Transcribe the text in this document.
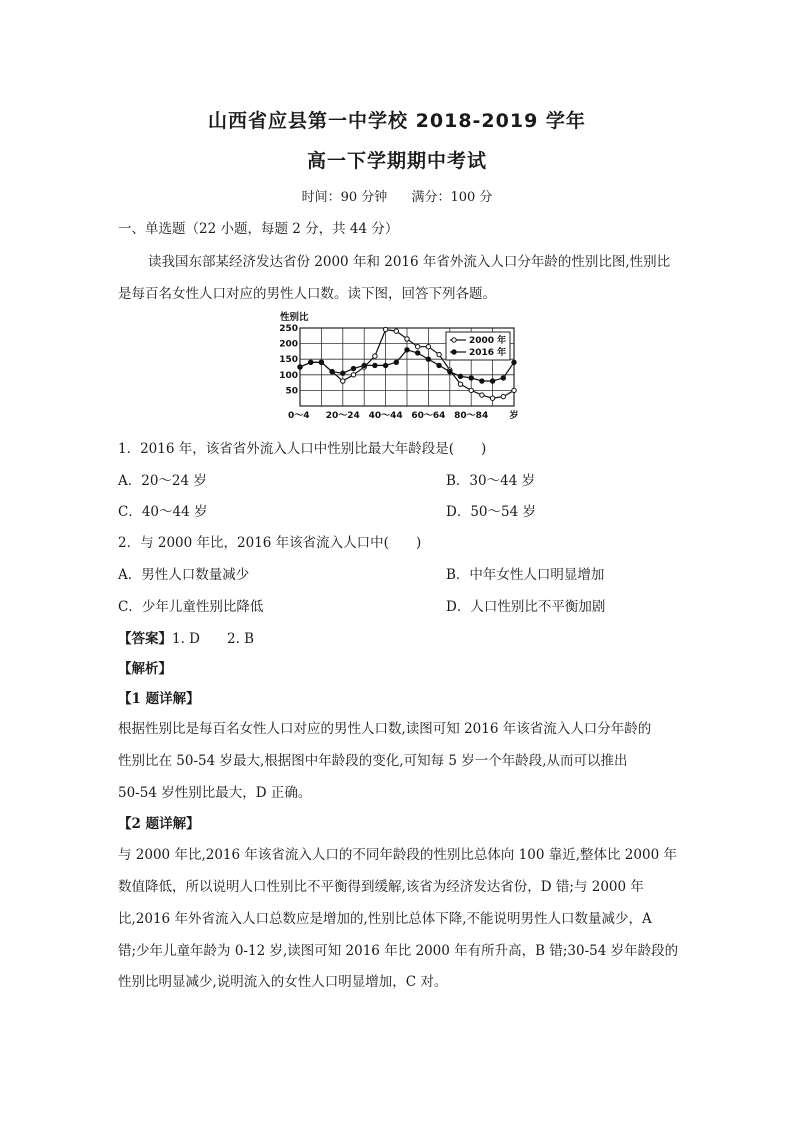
山西省应县第一中学校 2018-2019 学年
高一下学期期中考试
时间：90 分钟 满分：100 分
一、单选题（22 小题，每题 2 分，共 44 分）
读我国东部某经济发达省份 2000 年和 2016 年省外流入人口分年龄的性别比图,性别比
是每百名女性人口对应的男性人口数。读下图，回答下列各题。
250
200
150
100
50
性别比
0～4 20～24 40～44 60～64 80～84 岁
2000 年
2016 年
1．2016 年，该省省外流入人口中性别比最大年龄段是(　　)
A．20～24 岁	B．30～44 岁
C．40～44 岁	D．50～54 岁
2．与 2000 年比，2016 年该省流入人口中(　　)
A．男性人口数量减少	B．中年女性人口明显增加
C．少年儿童性别比降低	D．人口性别比不平衡加剧
【答案】1. D　　2. B
【解析】
【1 题详解】
根据性别比是每百名女性人口对应的男性人口数,读图可知 2016 年该省流入人口分年龄的
性别比在 50-54 岁最大,根据图中年龄段的变化,可知每 5 岁一个年龄段,从而可以推出
50-54 岁性别比最大，D 正确。
【2 题详解】
与 2000 年比,2016 年该省流入人口的不同年龄段的性别比总体向 100 靠近,整体比 2000 年
数值降低，所以说明人口性别比不平衡得到缓解,该省为经济发达省份，D 错;与 2000 年
比,2016 年外省流入人口总数应是增加的,性别比总体下降,不能说明男性人口数量减少，A
错;少年儿童年龄为 0-12 岁,读图可知 2016 年比 2000 年有所升高，B 错;30-54 岁年龄段的
性别比明显减少,说明流入的女性人口明显增加，C 对。
